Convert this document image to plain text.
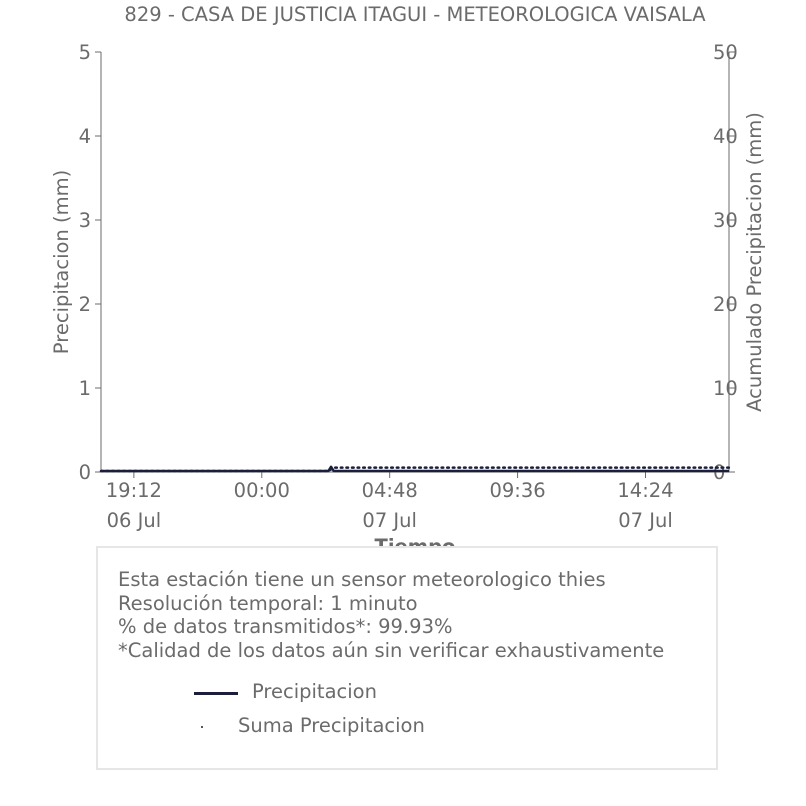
829 - CASA DE JUSTICIA ITAGUI - METEOROLOGICA VAISALA
0
1
2
3
4
5
0
10
20
30
40
50
19:12
06 Jul
00:00	04:48
07 Jul
09:36	14:24
07 Jul
Precipitacion (mm)	Acumulado Precipitacion (mm)
Esta estación tiene un sensor meteorologico thies
Resolución temporal: 1 minuto
% de datos transmitidos*: 99.93%
*Calidad de los datos aún sin verificar exhaustivamente
Precipitacion
Suma Precipitacion
